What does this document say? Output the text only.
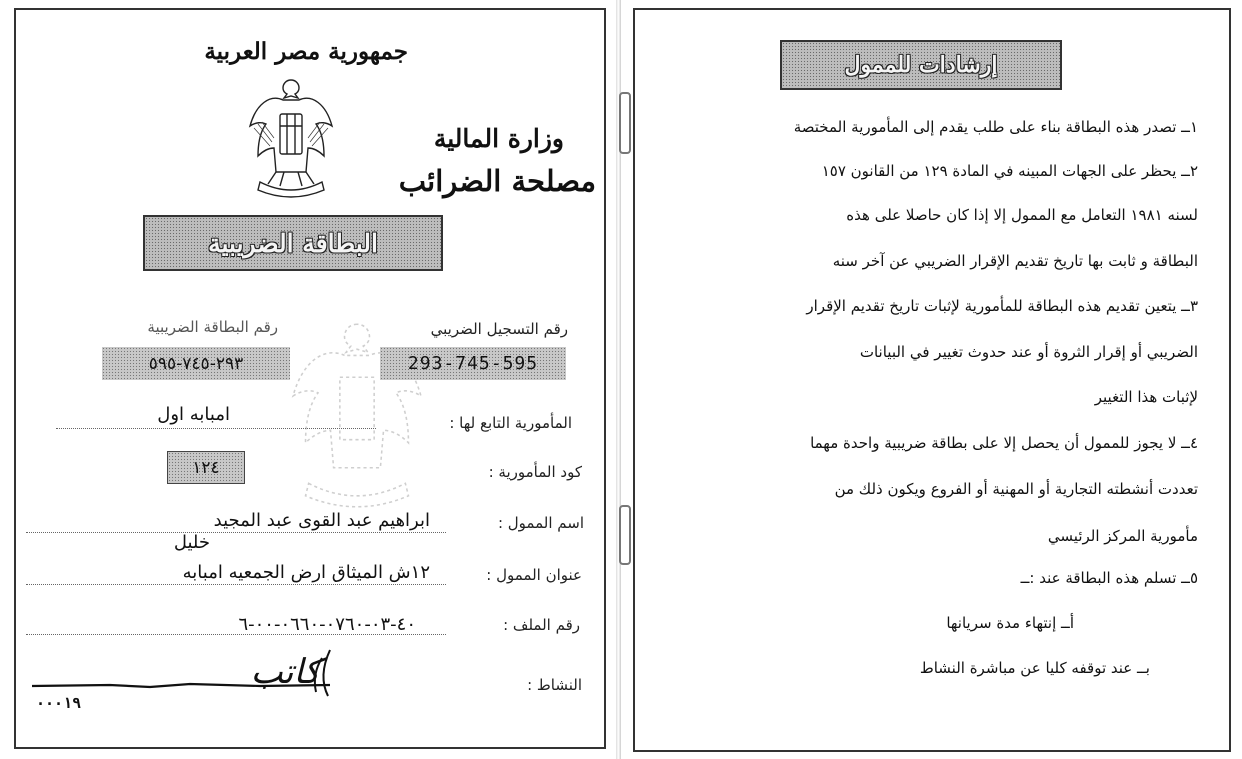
جمهورية مصر العربية
وزارة المالية
مصلحة الضرائب
البطاقة الضريبية
رقم التسجيل الضريبي
رقم البطاقة الضريبية
٢٩٣-٧٤٥-٥٩٥	293-745-595
المأمورية التابع لها :
امبابه اول
كود المأمورية :
١٢٤
اسم الممول :
ابراهيم عبد القوى عبد المجيد
خليل
عنوان الممول :
١٢ش الميثاق ارض الجمعيه امبابه
رقم الملف :
٤٠-٠٣-٠٧٦٠-٠٦٦٠-٠٠-٦
النشاط :
كاتب
٠٠٠١٩
إرشادات للممول
١ــ تصدر هذه البطاقة بناء على طلب يقدم إلى المأمورية المختصة
٢ــ يحظر على الجهات المبينه في المادة ١٢٩ من القانون ١٥٧
لسنه ١٩٨١ التعامل مع الممول إلا إذا كان حاصلا على هذه
البطاقة و ثابت بها تاريخ تقديم الإقرار الضريبي عن آخر سنه
٣ــ يتعين تقديم هذه البطاقة للمأمورية لإثبات تاريخ تقديم الإقرار
الضريبي أو إقرار الثروة أو عند حدوث تغيير في البيانات
لإثبات هذا التغيير
٤ــ لا يجوز للممول أن يحصل إلا على بطاقة ضريبية واحدة مهما
تعددت أنشطته التجارية أو المهنية أو الفروع ويكون ذلك من
مأمورية المركز الرئيسي
٥ــ تسلم هذه البطاقة عند :ــ
أــ إنتهاء مدة سريانها
بــ عند توقفه كليا عن مباشرة النشاط
